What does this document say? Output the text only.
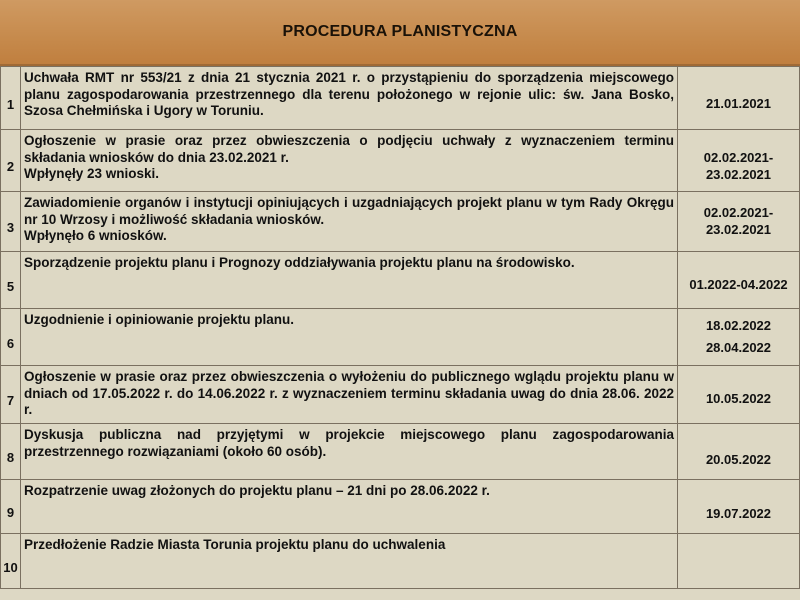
PROCEDURA PLANISTYCZNA
1	Uchwała RMT nr 553/21 z dnia 21 stycznia 2021 r. o przystąpieniu do sporządzenia miejscowego planu zagospodarowania przestrzennego dla terenu położonego w rejonie ulic: św. Jana Bosko, Szosa Chełmińska i Ugory w Toruniu.	21.01.2021

2	Ogłoszenie w prasie oraz przez obwieszczenia o podjęciu uchwały z wyznaczeniem terminu składania wniosków do dnia 23.02.2021 r.
Wpłynęły 23 wnioski.	02.02.2021-
23.02.2021

3	Zawiadomienie organów i instytucji opiniujących i uzgadniających projekt planu w tym Rady Okręgu nr 10 Wrzosy i możliwość składania wniosków.
Wpłynęło 6 wniosków.	02.02.2021-
23.02.2021

5	Sporządzenie projektu planu i Prognozy oddziaływania projektu planu na środowisko.	01.2022-04.2022

6	Uzgodnienie i opiniowanie projektu planu.	18.02.2022
28.04.2022

7	Ogłoszenie w prasie oraz przez obwieszczenia o wyłożeniu do publicznego wglądu projektu planu w dniach od 17.05.2022 r. do 14.06.2022 r. z wyznaczeniem terminu składania uwag do dnia 28.06. 2022 r.	10.05.2022

8	Dyskusja publiczna nad przyjętymi w projekcie miejscowego planu zagospodarowania przestrzennego rozwiązaniami (około 60 osób).	20.05.2022

9	Rozpatrzenie uwag złożonych do projektu planu – 21 dni po 28.06.2022 r.	19.07.2022

10	Przedłożenie Radzie Miasta Torunia projektu planu do uchwalenia	
